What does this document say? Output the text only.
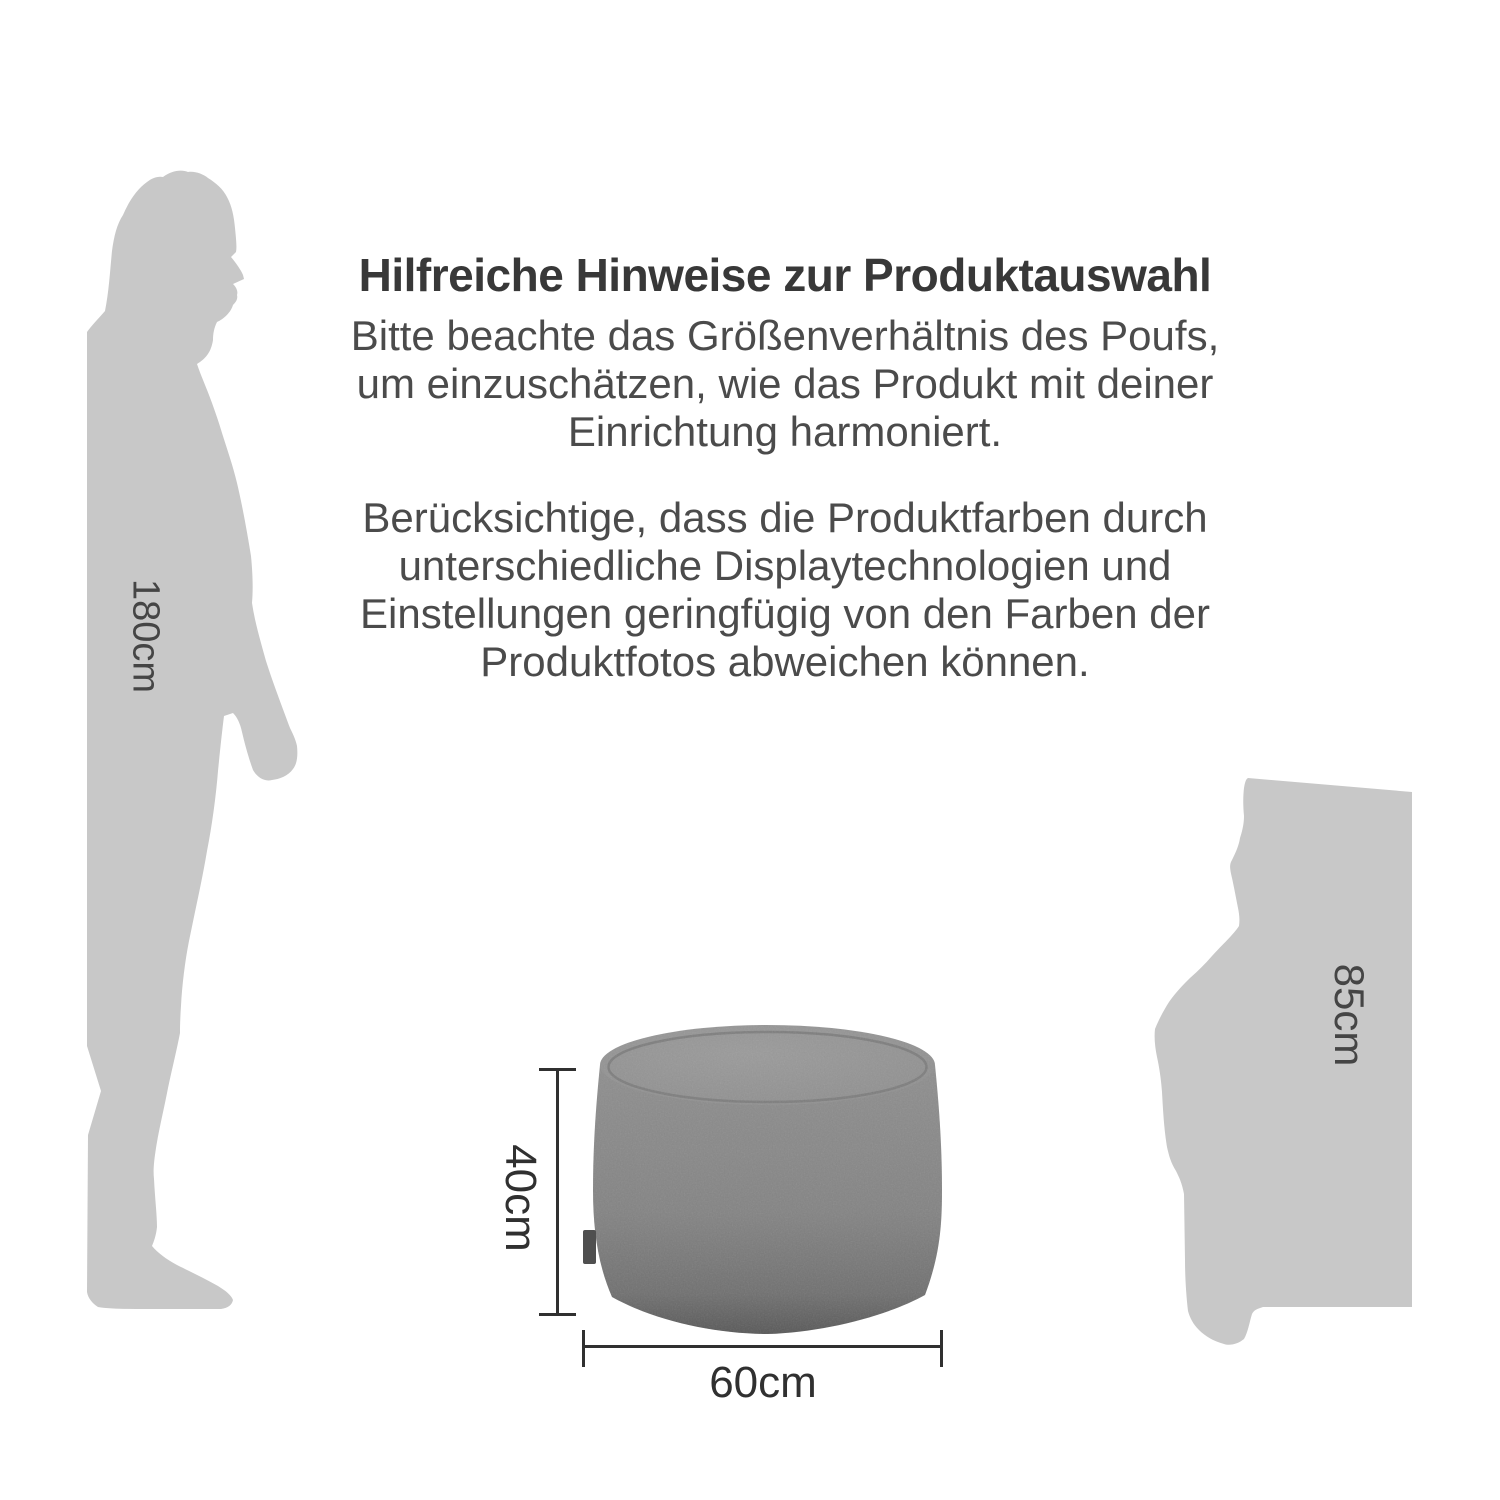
40cm
60cm
180cm
85cm
Hilfreiche Hinweise zur Produktauswahl
Bitte beachte das Größenverhältnis des Poufs,
um einzuschätzen, wie das Produkt mit deiner
Einrichtung harmoniert.
Berücksichtige, dass die Produktfarben durch
unterschiedliche Displaytechnologien und
Einstellungen geringfügig von den Farben der
Produktfotos abweichen können.
